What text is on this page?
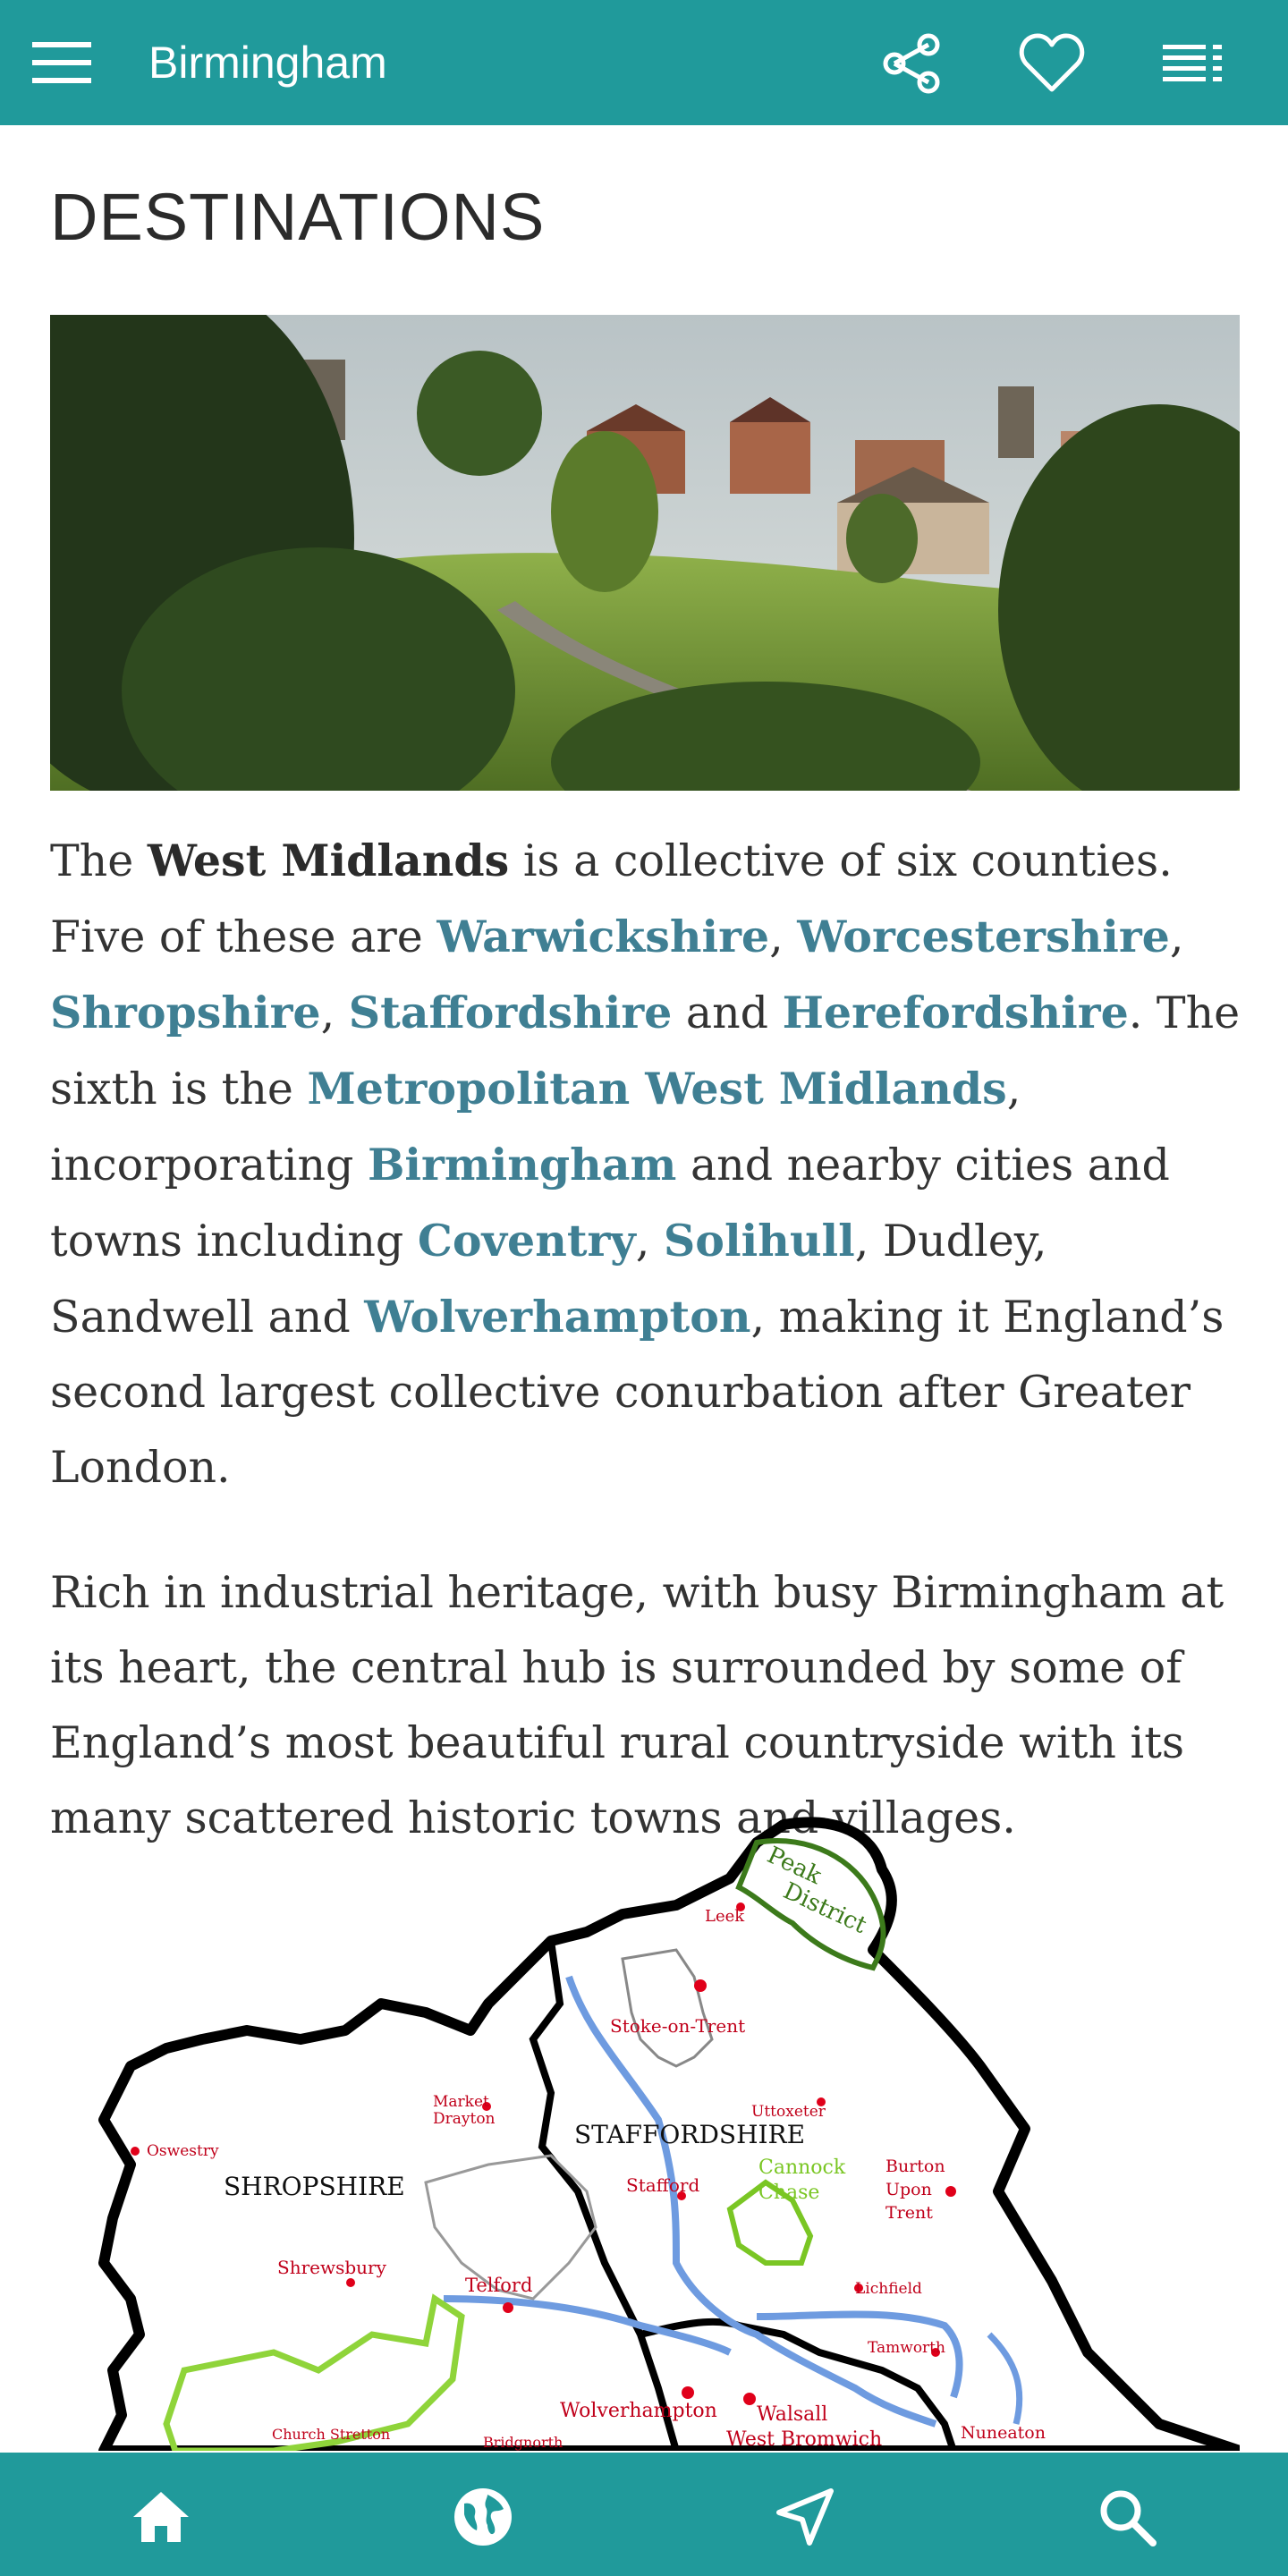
Birmingham
DESTINATIONS

The West Midlands is a collective of six counties. Five of these are Warwickshire, Worcestershire, Shropshire, Staffordshire and Herefordshire. The sixth is the Metropolitan West Midlands, incorporating Birmingham and nearby cities and towns including Coventry, Solihull, Dudley, Sandwell and Wolverhampton, making it England’s second largest collective conurbation after Greater London.

Rich in industrial heritage, with busy Birmingham at its heart, the central hub is surrounded by some of England’s most beautiful rural countryside with its many scattered historic towns and villages.

Peak
District
Leek
Stoke-on-Trent
Market
Drayton	Uttoxeter
STAFFORDSHIRE
Oswestry
SHROPSHIRE	Stafford
Cannock
Chase
Burton
Upon
Trent
Shrewsbury
Telford	Lichfield
Tamworth
Wolverhampton Walsall
West Bromwich
Church Stretton	Bridgnorth	Nuneaton
